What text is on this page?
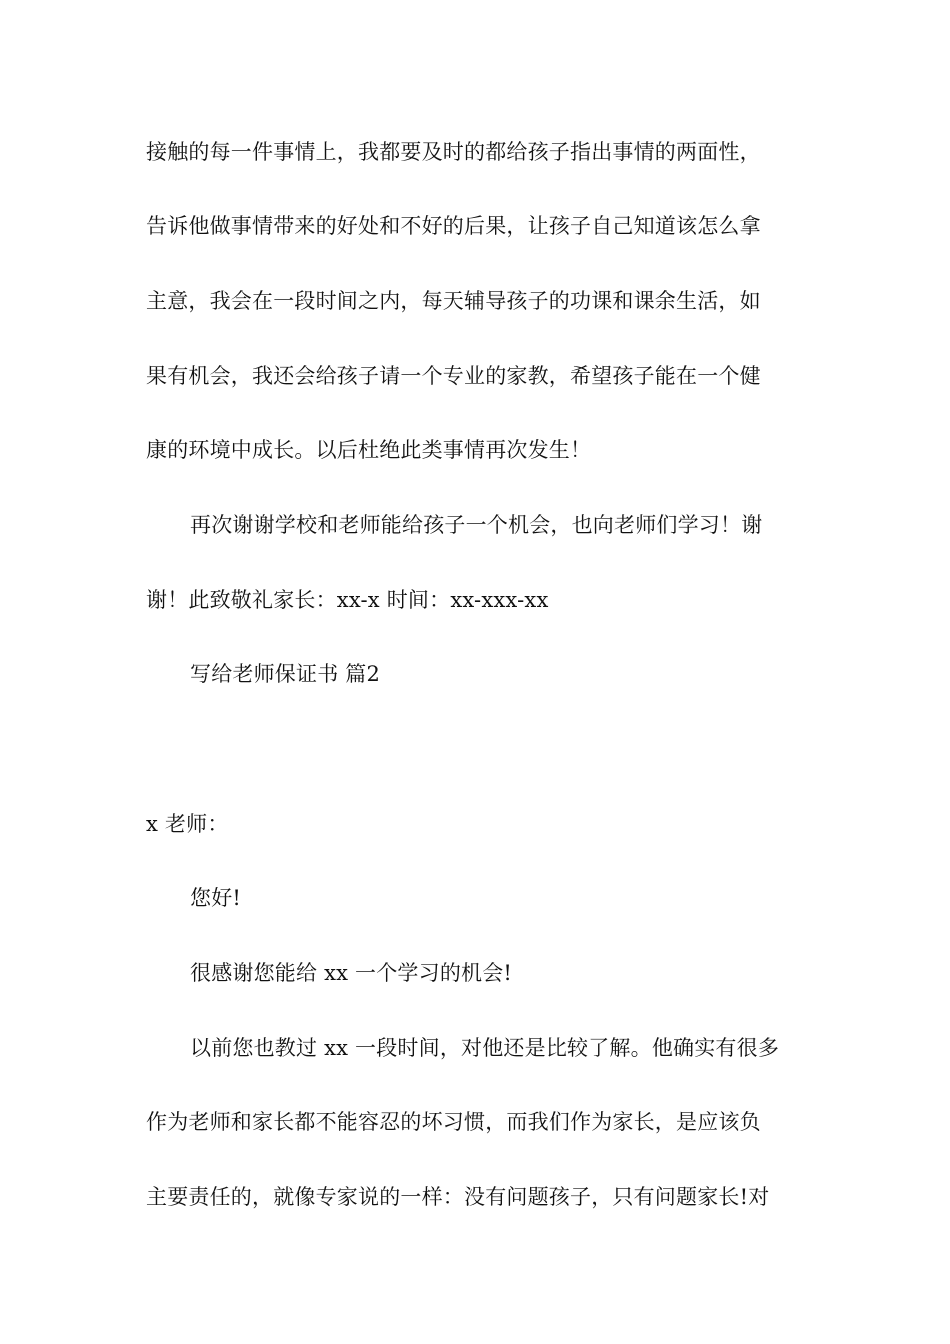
接触的每一件事情上，我都要及时的都给孩子指出事情的两面性，
告诉他做事情带来的好处和不好的后果，让孩子自己知道该怎么拿
主意，我会在一段时间之内，每天辅导孩子的功课和课余生活，如
果有机会，我还会给孩子请一个专业的家教，希望孩子能在一个健
康的环境中成长。以后杜绝此类事情再次发生！
再次谢谢学校和老师能给孩子一个机会，也向老师们学习！谢
谢！此致敬礼家长：xx-x 时间：xx-xxx-xx
写给老师保证书 篇2
x 老师：
您好!
很感谢您能给 xx 一个学习的机会!
以前您也教过 xx 一段时间，对他还是比较了解。他确实有很多
作为老师和家长都不能容忍的坏习惯，而我们作为家长，是应该负
主要责任的，就像专家说的一样：没有问题孩子，只有问题家长!对
